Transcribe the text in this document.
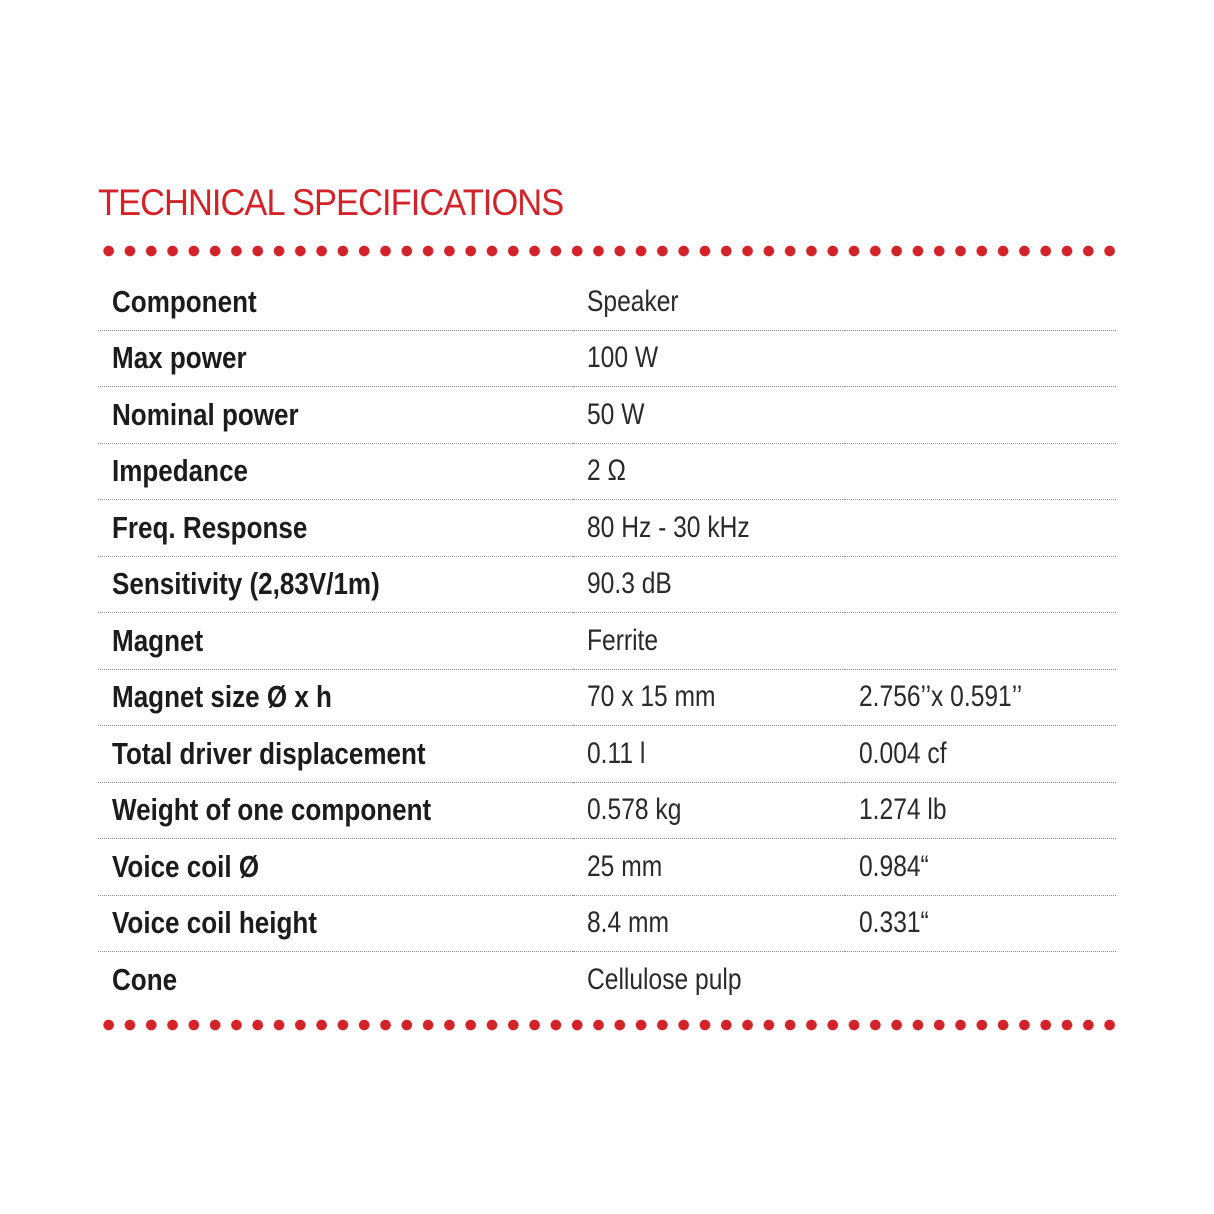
TECHNICAL SPECIFICATIONS
Component	Speaker	
Max power	100 W	
Nominal power	50 W	
Impedance	2 Ω	
Freq. Response	80 Hz - 30 kHz	
Sensitivity (2,83V/1m)	90.3 dB	
Magnet	Ferrite	
Magnet size Ø x h	70 x 15 mm	2.756’’x 0.591’’
Total driver displacement	0.11 l	0.004 cf
Weight of one component	0.578 kg	1.274 lb
Voice coil Ø	25 mm	0.984“
Voice coil height	8.4 mm	0.331“
Cone	Cellulose pulp	
